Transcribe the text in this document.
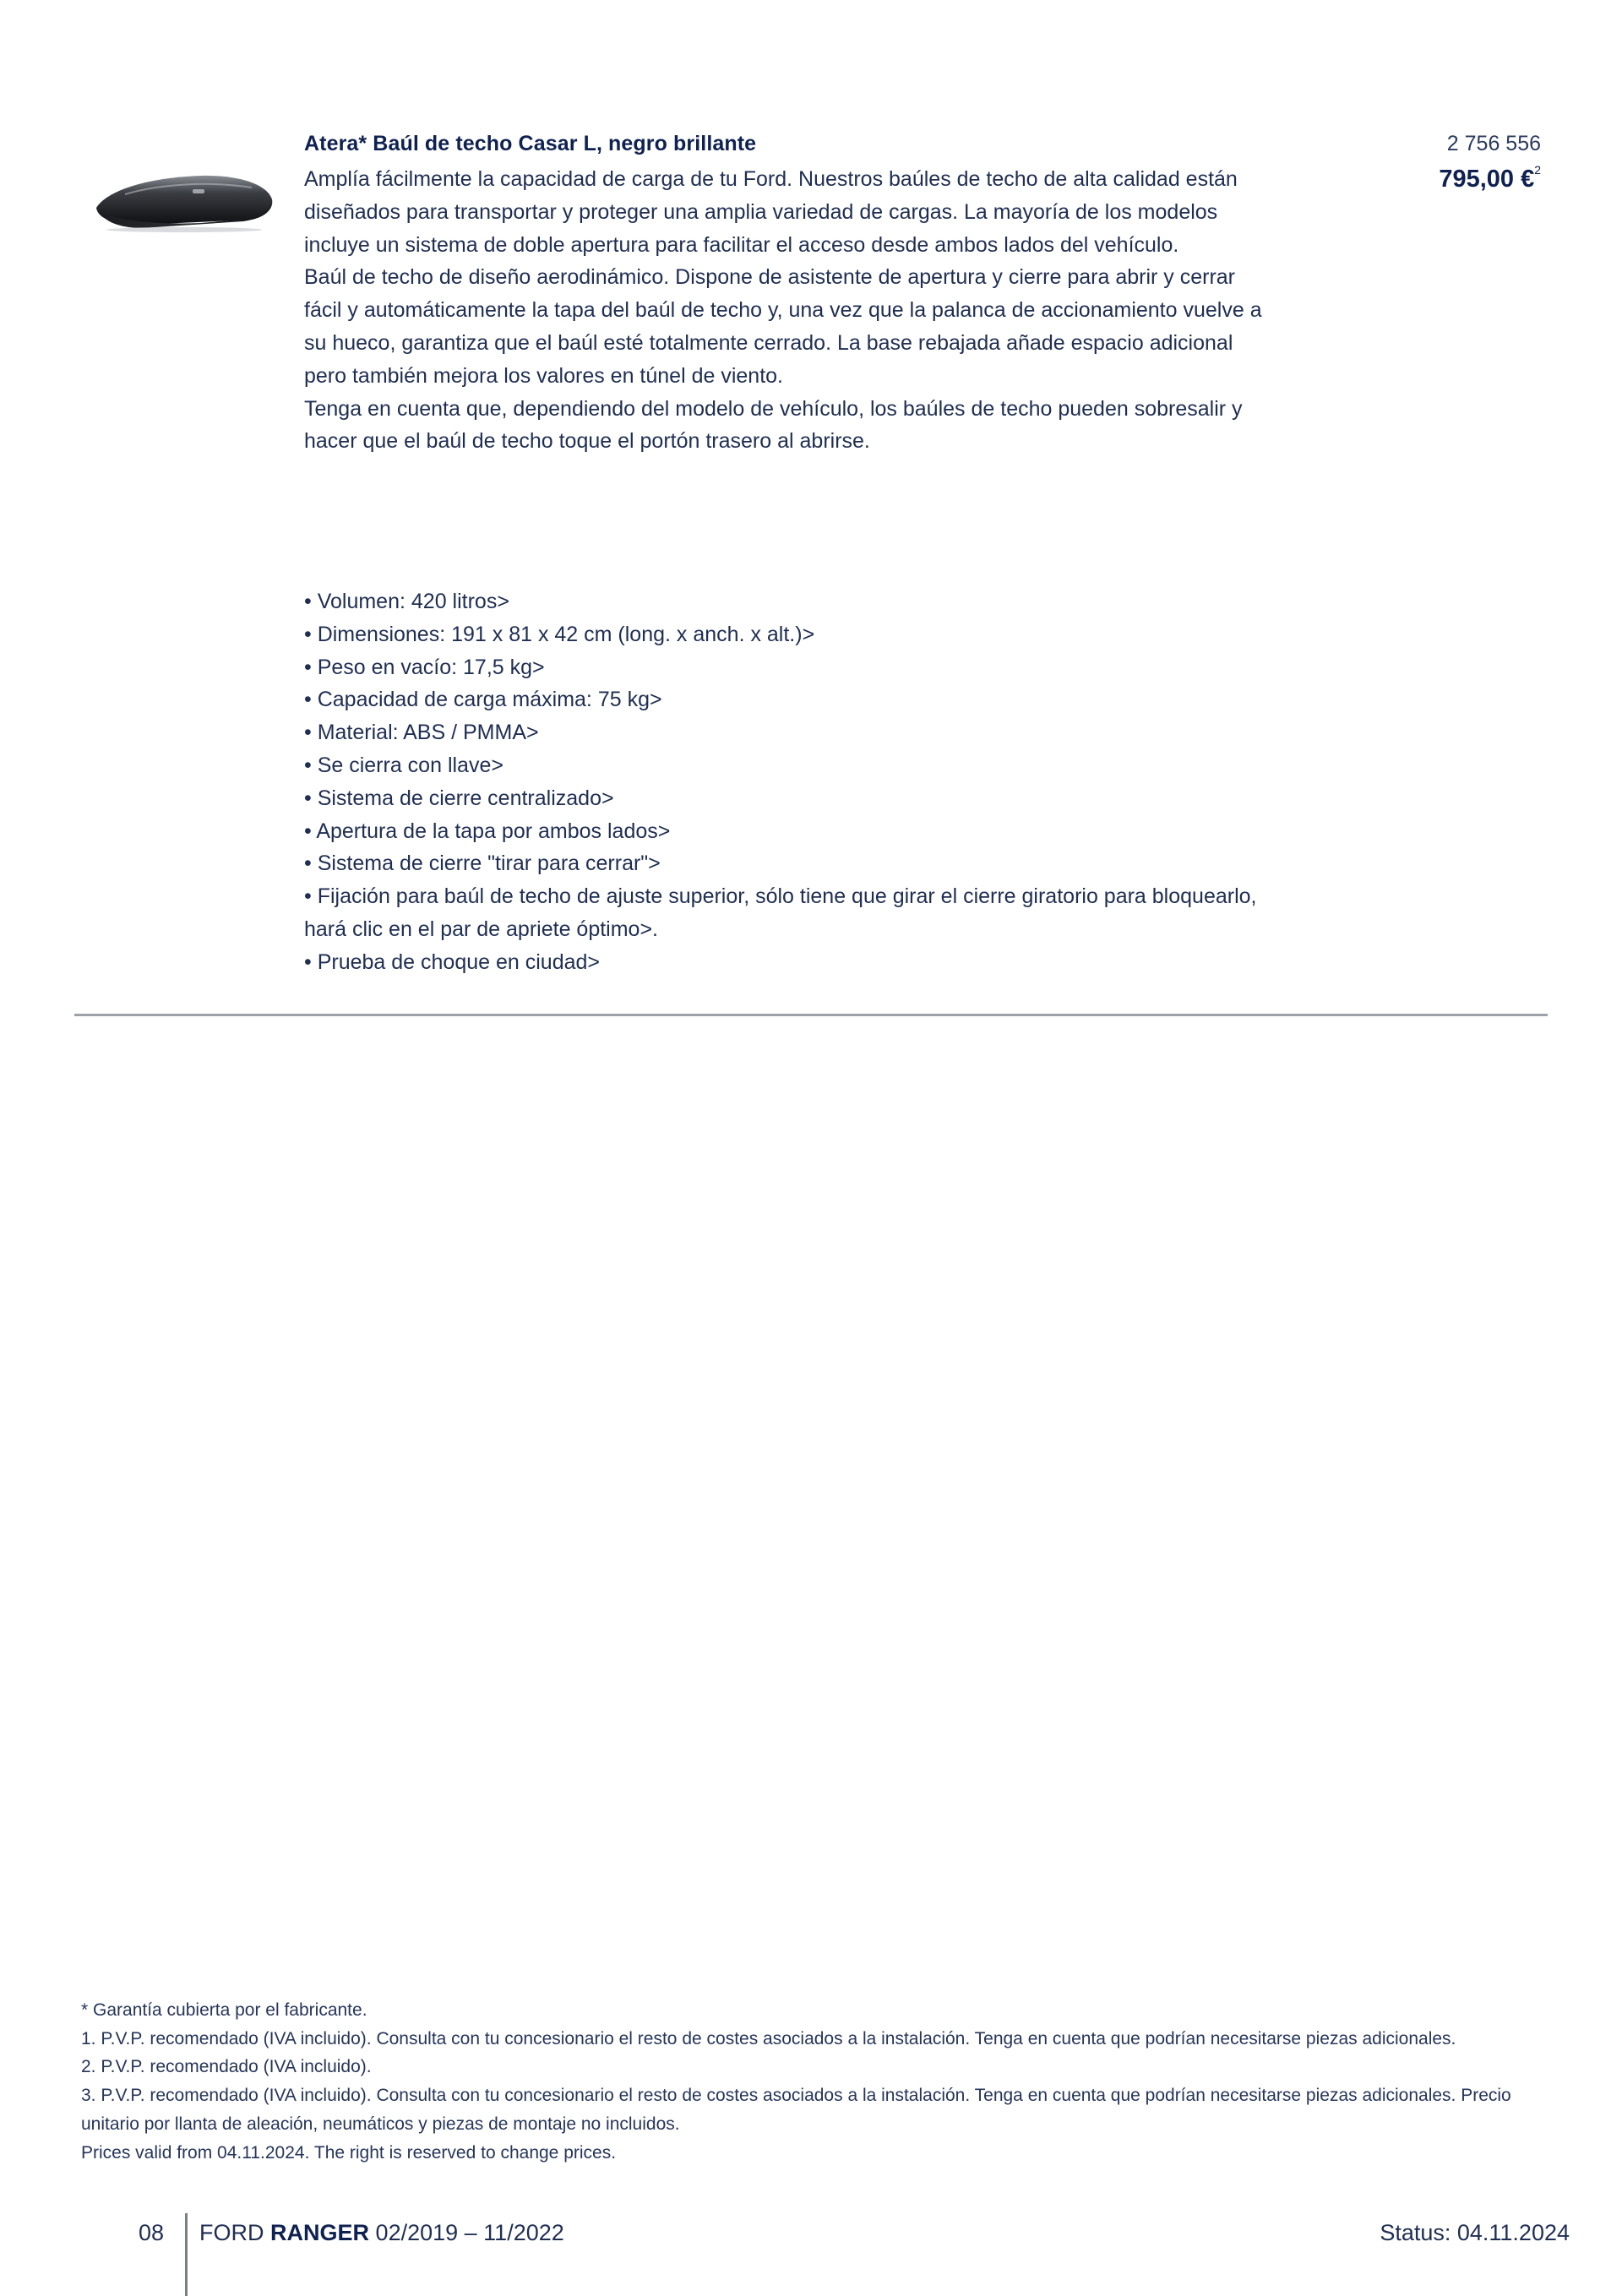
Atera* Baúl de techo Casar L, negro brillante	2 756 556
795,00 €$^2$

Amplía fácilmente la capacidad de carga de tu Ford. Nuestros baúles de techo de alta calidad están diseñados para transportar y proteger una amplia variedad de cargas. La mayoría de los modelos incluye un sistema de doble apertura para facilitar el acceso desde ambos lados del vehículo.

Baúl de techo de diseño aerodinámico. Dispone de asistente de apertura y cierre para abrir y cerrar fácil y automáticamente la tapa del baúl de techo y, una vez que la palanca de accionamiento vuelve a su hueco, garantiza que el baúl esté totalmente cerrado. La base rebajada añade espacio adicional pero también mejora los valores en túnel de viento.

Tenga en cuenta que, dependiendo del modelo de vehículo, los baúles de techo pueden sobresalir y hacer que el baúl de techo toque el portón trasero al abrirse.

• Volumen: 420 litros>
• Dimensiones: 191 x 81 x 42 cm (long. x anch. x alt.)>
• Peso en vacío: 17,5 kg>
• Capacidad de carga máxima: 75 kg>
• Material: ABS / PMMA>
• Se cierra con llave>
• Sistema de cierre centralizado>
• Apertura de la tapa por ambos lados>
• Sistema de cierre "tirar para cerrar">
• Fijación para baúl de techo de ajuste superior, sólo tiene que girar el cierre giratorio para bloquearlo, hará clic en el par de apriete óptimo>.
• Prueba de choque en ciudad>

* Garantía cubierta por el fabricante.

1. P.V.P. recomendado (IVA incluido). Consulta con tu concesionario el resto de costes asociados a la instalación. Tenga en cuenta que podrían necesitarse piezas adicionales.

2. P.V.P. recomendado (IVA incluido).

3. P.V.P. recomendado (IVA incluido). Consulta con tu concesionario el resto de costes asociados a la instalación. Tenga en cuenta que podrían necesitarse piezas adicionales. Precio unitario por llanta de aleación, neumáticos y piezas de montaje no incluidos.

Prices valid from 04.11.2024. The right is reserved to change prices.

08 FORD RANGER 02/2019 – 11/2022	Status: 04.11.2024
